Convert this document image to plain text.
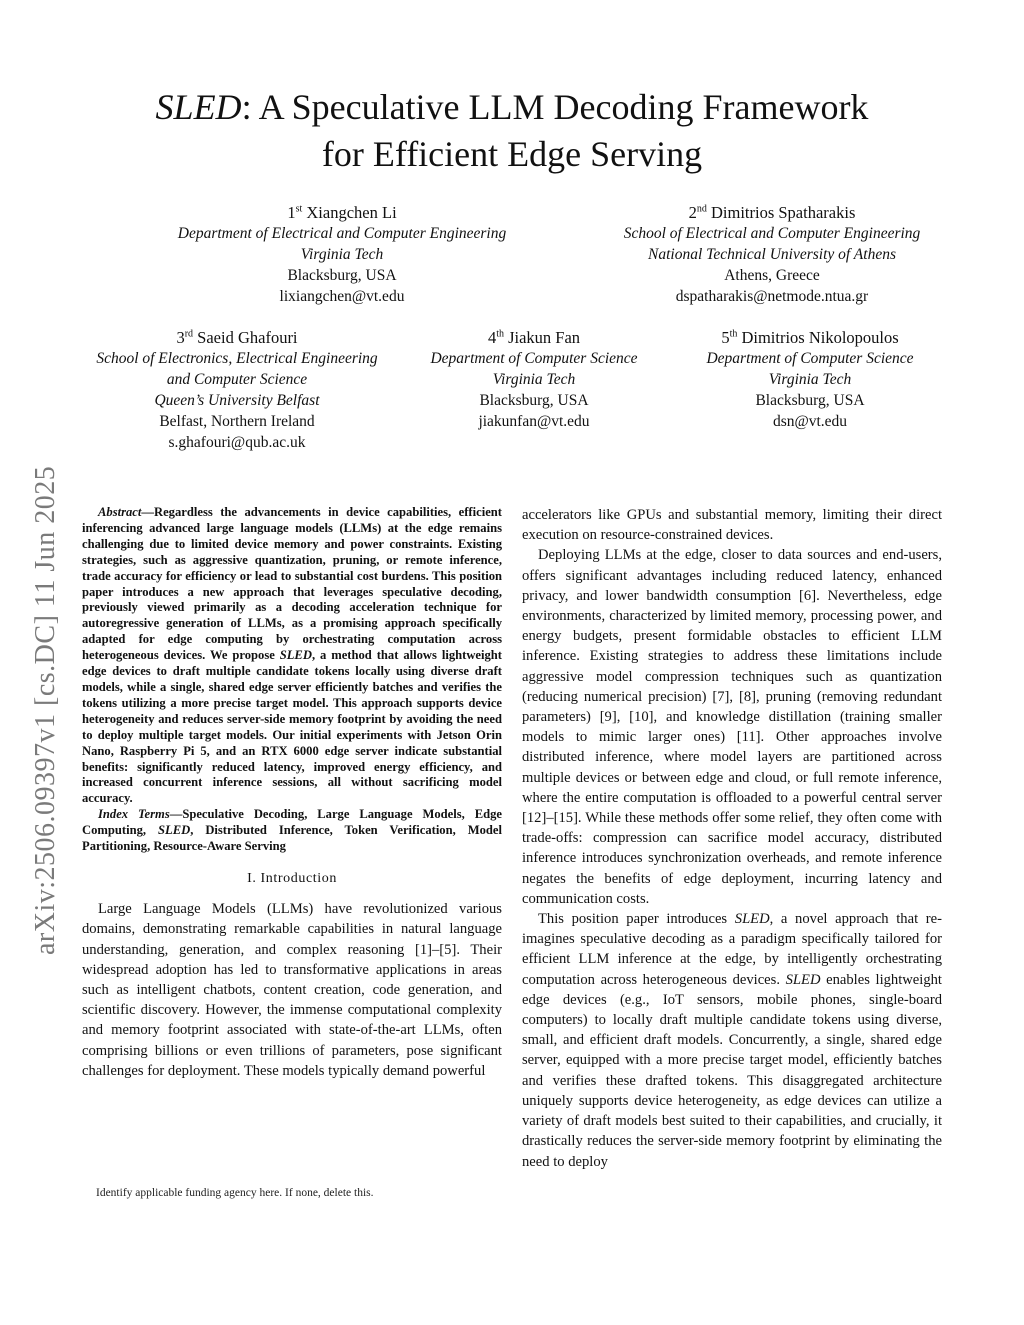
arXiv:2506.09397v1 [cs.DC] 11 Jun 2025
SLED: A Speculative LLM Decoding Framework
for Efficient Edge Serving
1st Xiangchen Li
Department of Electrical and Computer Engineering
Virginia Tech
Blacksburg, USA
lixiangchen@vt.edu
2nd Dimitrios Spatharakis
School of Electrical and Computer Engineering
National Technical University of Athens
Athens, Greece
dspatharakis@netmode.ntua.gr
3rd Saeid Ghafouri
School of Electronics, Electrical Engineering
and Computer Science
Queen’s University Belfast
Belfast, Northern Ireland
s.ghafouri@qub.ac.uk
4th Jiakun Fan
Department of Computer Science
Virginia Tech
Blacksburg, USA
jiakunfan@vt.edu
5th Dimitrios Nikolopoulos
Department of Computer Science
Virginia Tech
Blacksburg, USA
dsn@vt.edu

Abstract—Regardless the advancements in device capabilities, efficient inferencing advanced large language models (LLMs) at the edge remains challenging due to limited device memory and power constraints. Existing strategies, such as aggressive quantization, pruning, or remote inference, trade accuracy for efficiency or lead to substantial cost burdens. This position paper introduces a new approach that leverages speculative decoding, previously viewed primarily as a decoding acceleration technique for autoregressive generation of LLMs, as a promising approach specifically adapted for edge computing by orchestrating computation across heterogeneous devices. We propose SLED, a method that allows lightweight edge devices to draft multiple candidate tokens locally using diverse draft models, while a single, shared edge server efficiently batches and verifies the tokens utilizing a more precise target model. This approach supports device heterogeneity and reduces server-side memory footprint by avoiding the need to deploy multiple target models. Our initial experiments with Jetson Orin Nano, Raspberry Pi 5, and an RTX 6000 edge server indicate substantial benefits: significantly reduced latency, improved energy efficiency, and increased concurrent inference sessions, all without sacrificing model accuracy.

Index Terms—Speculative Decoding, Large Language Models, Edge Computing, SLED, Distributed Inference, Token Verification, Model Partitioning, Resource-Aware Serving

I. Introduction

Large Language Models (LLMs) have revolutionized various domains, demonstrating remarkable capabilities in natural language understanding, generation, and complex reasoning [1]–[5]. Their widespread adoption has led to transformative applications in areas such as intelligent chatbots, content creation, code generation, and scientific discovery. However, the immense computational complexity and memory footprint associated with state-of-the-art LLMs, often comprising billions or even trillions of parameters, pose significant challenges for deployment. These models typically demand powerful

Identify applicable funding agency here. If none, delete this.

accelerators like GPUs and substantial memory, limiting their direct execution on resource-constrained devices.

Deploying LLMs at the edge, closer to data sources and end-users, offers significant advantages including reduced latency, enhanced privacy, and lower bandwidth consumption [6]. Nevertheless, edge environments, characterized by limited memory, processing power, and energy budgets, present formidable obstacles to efficient LLM inference. Existing strategies to address these limitations include aggressive model compression techniques such as quantization (reducing numerical precision) [7], [8], pruning (removing redundant parameters) [9], [10], and knowledge distillation (training smaller models to mimic larger ones) [11]. Other approaches involve distributed inference, where model layers are partitioned across multiple devices or between edge and cloud, or full remote inference, where the entire computation is offloaded to a powerful central server [12]–[15]. While these methods offer some relief, they often come with trade-offs: compression can sacrifice model accuracy, distributed inference introduces synchronization overheads, and remote inference negates the benefits of edge deployment, incurring latency and communication costs.

This position paper introduces SLED, a novel approach that re-imagines speculative decoding as a paradigm specifically tailored for efficient LLM inference at the edge, by intelligently orchestrating computation across heterogeneous devices. SLED enables lightweight edge devices (e.g., IoT sensors, mobile phones, single-board computers) to locally draft multiple candidate tokens using diverse, small, and efficient draft models. Concurrently, a single, shared edge server, equipped with a more precise target model, efficiently batches and verifies these drafted tokens. This disaggregated architecture uniquely supports device heterogeneity, as edge devices can utilize a variety of draft models best suited to their capabilities, and crucially, it drastically reduces the server-side memory footprint by eliminating the need to deploy
